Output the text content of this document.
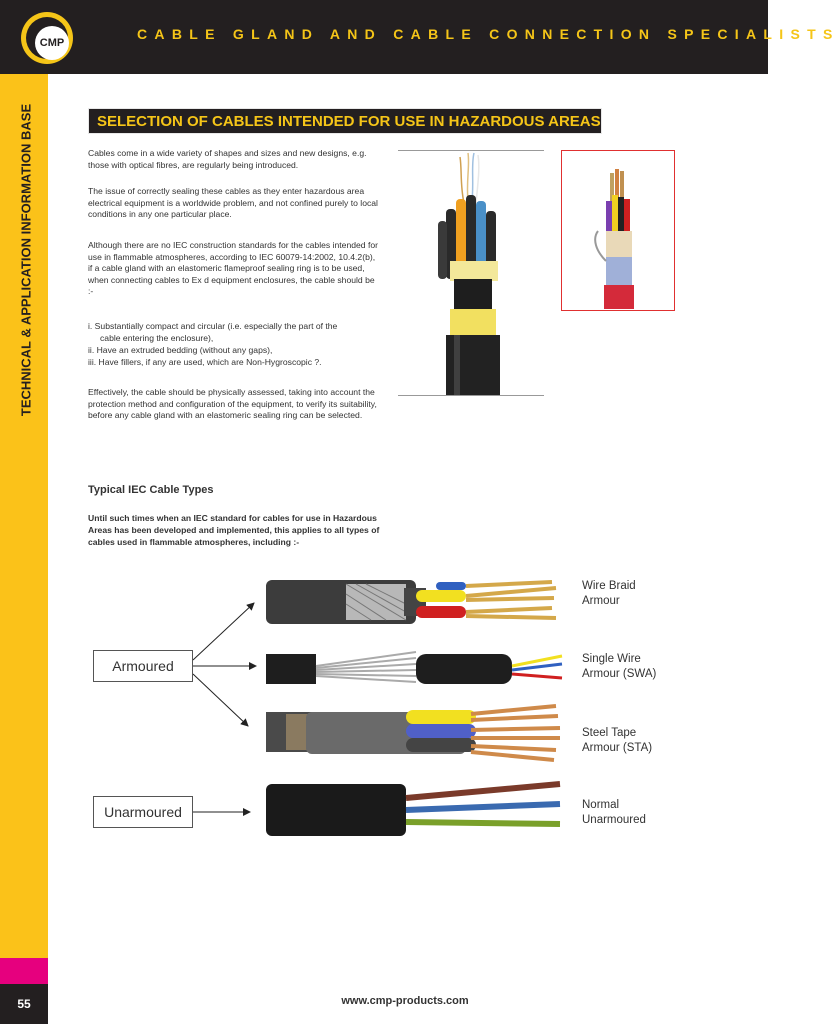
CMP
CABLE GLAND AND CABLE CONNECTION SPECIALISTS
TECHNICAL & APPLICATION INFORMATION BASE
55
SELECTION OF CABLES INTENDED FOR USE IN HAZARDOUS AREAS
Cables come in a wide variety of shapes and sizes and new designs, e.g. those with optical fibres, are regularly being introduced.
The issue of correctly sealing these cables as they enter hazardous area electrical equipment is a worldwide problem, and not confined purely to local conditions in any one particular place.
Although there are no IEC construction standards for the cables intended for use in flammable atmospheres, according to IEC 60079-14:2002, 10.4.2(b), if a cable gland with an elastomeric flameproof sealing ring is to be used, when connecting cables to Ex d equipment enclosures, the cable should be :-
i. Substantially compact and circular (i.e. especially the part of the
cable entering the enclosure),
ii. Have an extruded bedding (without any gaps),
iii. Have fillers, if any are used, which are Non-Hygroscopic ?.
Effectively, the cable should be physically assessed, taking into account the protection method and configuration of the equipment, to verify its suitability, before any cable gland with an elastomeric sealing ring can be selected.
Typical IEC Cable Types
Until such times when an IEC standard for cables for use in Hazardous Areas has been developed and implemented, this applies to all types of cables used in flammable atmospheres, including :-
Armoured
Unarmoured
Wire Braid
Armour
Single Wire
Armour (SWA)
Steel Tape
Armour (STA)
Normal
Unarmoured
www.cmp-products.com
